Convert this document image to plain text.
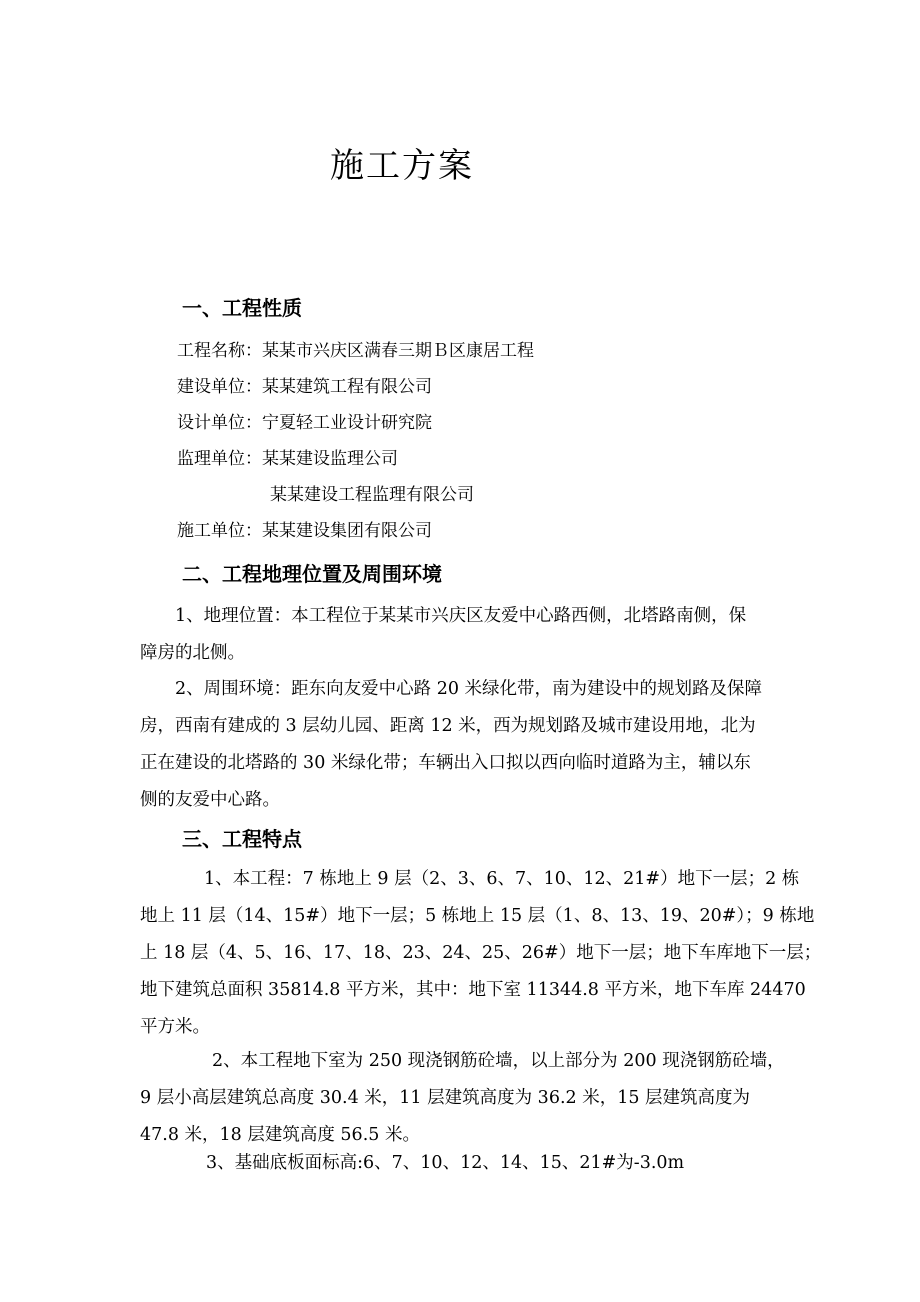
施工方案
一、工程性质
工程名称：某某市兴庆区满春三期Ｂ区康居工程
建设单位：某某建筑工程有限公司
设计单位：宁夏轻工业设计研究院
监理单位：某某建设监理公司
某某建设工程监理有限公司
施工单位：某某建设集团有限公司
二、工程地理位置及周围环境
1、地理位置：本工程位于某某市兴庆区友爱中心路西侧，北塔路南侧，保
障房的北侧。
2、周围环境：距东向友爱中心路 20 米绿化带，南为建设中的规划路及保障
房，西南有建成的 3 层幼儿园、距离 12 米，西为规划路及城市建设用地，北为
正在建设的北塔路的 30 米绿化带；车辆出入口拟以西向临时道路为主，辅以东
侧的友爱中心路。
三、工程特点
1、本工程：7 栋地上 9 层（2、3、6、7、10、12、21#）地下一层；2 栋
地上 11 层（14、15#）地下一层；5 栋地上 15 层（1、8、13、19、20#）；9 栋地
上 18 层（4、5、16、17、18、23、24、25、26#）地下一层；地下车库地下一层；
地下建筑总面积 35814.8 平方米，其中：地下室 11344.8 平方米，地下车库 24470
平方米。
2、本工程地下室为 250 现浇钢筋砼墙，以上部分为 200 现浇钢筋砼墙，
9 层小高层建筑总高度 30.4 米，11 层建筑高度为 36.2 米，15 层建筑高度为
47.8 米，18 层建筑高度 56.5 米。
3、基础底板面标高:6、7、10、12、14、15、21#为-3.0m
